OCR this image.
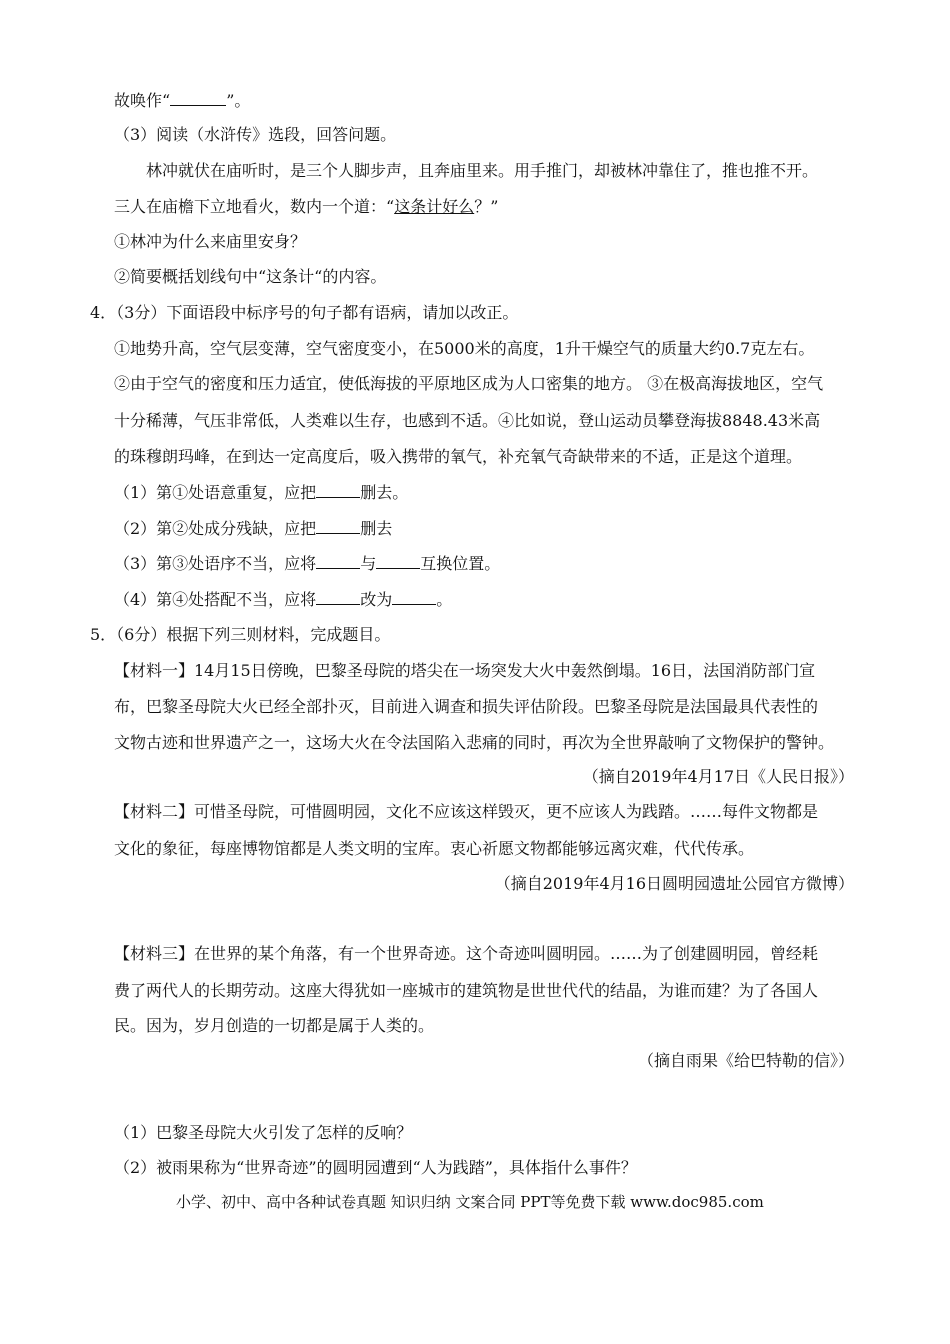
故唤作“	”。
（3）阅读（水浒传》选段，回答问题。
林冲就伏在庙听时，是三个人脚步声，且奔庙里来。用手推门，却被林冲靠住了，推也推不开。
三人在庙檐下立地看火，数内一个道：“这条计好么？”
①林冲为什么来庙里安身？
②简要概括划线句中“这条计“的内容。
4．（3分）下面语段中标序号的句子都有语病，请加以改正。
①地势升高，空气层变薄，空气密度变小，在5000米的高度，1升干燥空气的质量大约0.7克左右。
②由于空气的密度和压力适宜，使低海拔的平原地区成为人口密集的地方。 ③在极高海拔地区，空气
十分稀薄，气压非常低，人类难以生存，也感到不适。④比如说，登山运动员攀登海拔8848.43米高
的珠穆朗玛峰，在到达一定高度后，吸入携带的氧气，补充氧气奇缺带来的不适，正是这个道理。
（1）第①处语意重复，应把	删去。
（2）第②处成分残缺，应把	删去
（3）第③处语序不当，应将	与	互换位置。
（4）第④处搭配不当，应将	改为	。
5．（6分）根据下列三则材料，完成题目。
【材料一】14月15日傍晚，巴黎圣母院的塔尖在一场突发大火中轰然倒塌。16日，法国消防部门宣
布，巴黎圣母院大火已经全部扑灭，目前进入调查和损失评估阶段。巴黎圣母院是法国最具代表性的
文物古迹和世界遗产之一，这场大火在令法国陷入悲痛的同时，再次为全世界敲响了文物保护的警钟。
（摘自2019年4月17日《人民日报》）
【材料二】可惜圣母院，可惜圆明园，文化不应该这样毁灭，更不应该人为践踏。……每件文物都是
文化的象征，每座博物馆都是人类文明的宝库。衷心祈愿文物都能够远离灾难，代代传承。
（摘自2019年4月16日圆明园遗址公园官方微博）
【材料三】在世界的某个角落，有一个世界奇迹。这个奇迹叫圆明园。……为了创建圆明园，曾经耗
费了两代人的长期劳动。这座大得犹如一座城市的建筑物是世世代代的结晶，为谁而建？为了各国人
民。因为，岁月创造的一切都是属于人类的。
（摘自雨果《给巴特勒的信》）
（1）巴黎圣母院大火引发了怎样的反响？
（2）被雨果称为“世界奇迹”的圆明园遭到“人为践踏”，具体指什么事件？
小学、初中、高中各种试卷真题 知识归纳 文案合同 PPT等免费下载 www.doc985.com
